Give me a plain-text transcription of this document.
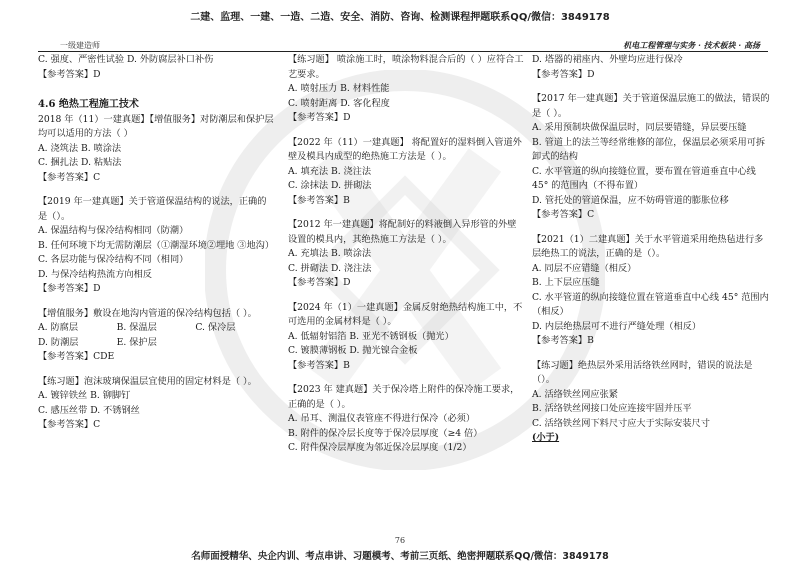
二建、监理、一建、一造、二造、安全、消防、咨询、检测课程押题联系QQ/微信：3849178
一级建造师	机电工程管理与实务 · 技术板块 · 高扬

C. 强度、严密性试验 D. 外防腐层补口补伤

【参考答案】D

4.6 绝热工程施工技术

2018 年（11）一建真题】【增值服务】对防潮层和保护层均可以适用的方法（ ）

A. 浇筑法 B. 喷涂法

C. 捆扎法 D. 粘贴法

【参考答案】C

【2019 年一建真题】关于管道保温结构的说法，正确的是（）。

A. 保温结构与保冷结构相同（防潮）

B. 任何环境下均无需防潮层（①潮湿环境②埋地 ③地沟）

C. 各层功能与保冷结构不同（相同）

D. 与保冷结构热流方向相反

【参考答案】D

【增值服务】敷设在地沟内管道的保冷结构包括（ ）。

A. 防腐层	B. 保温层	C. 保冷层
D. 防潮层	E. 保护层

【参考答案】CDE

【练习题】泡沫玻璃保温层宜使用的固定材料是（ ）。

A. 镀锌铁丝 B. 铆脚钉

C. 感压丝带 D. 不锈钢丝

【参考答案】C

【练习题】 喷涂施工时，喷涂物料混合后的（ ）应符合工艺要求。

A. 喷射压力 B. 材料性能

C. 喷射距离 D. 客化程度

【参考答案】D

【2022 年（11）一建真题】 将配置好的湿料倒入管道外壁及模具内成型的绝热施工方法是（ ）。

A. 填充法 B. 浇注法

C. 涂抹法 D. 拼砌法

【参考答案】B

【2012 年一建真题】将配制好的料液倒入异形管的外壁设置的模具内，其绝热施工方法是（ ）。

A. 充填法 B. 喷涂法

C. 拼砌法 D. 浇注法

【参考答案】D

【2024 年（1）一建真题】金属反射绝热结构施工中，不可选用的金属材料是（ ）。

A. 低辐射铝箔 B. 亚光不锈钢板（抛光）

C. 镀膜薄钢板 D. 抛光镍合金板

【参考答案】B

【2023 年 建真题】关于保冷塔上附件的保冷施工要求，正确的是（ ）。

A. 吊耳、测温仪表管座不得进行保冷（必须）

B. 附件的保冷层长度等于保冷层厚度（≥4 倍）

C. 附件保冷层厚度为邻近保冷层厚度（1/2）

D. 塔器的裙座内、外壁均应进行保冷

【参考答案】D

【2017 年一建真题】关于管道保温层施工的做法，错误的是（ ）。

A. 采用预制块做保温层时，同层要错缝，异层要压缝

B. 管道上的法兰等经常维修的部位，保温层必须采用可拆卸式的结构

C. 水平管道的纵向接缝位置，要布置在管道垂直中心线 45° 的范围内（不得布置）

D. 管托处的管道保温，应不妨碍管道的膨胀位移

【参考答案】C

【2021（1）二建真题】关于水平管道采用绝热毡进行多层绝热工的说法，正确的是（）。

A. 同层不应错缝（相反）

B. 上下层应压缝

C. 水平管道的纵向接缝位置在管道垂直中心线 45° 范围内（相反）

D. 内层绝热层可不进行严缝处理（相反）

【参考答案】B

【练习题】绝热层外采用活络铁丝网时，错误的说法是（）。

A. 活络铁丝网应张紧

B. 活络铁丝网接口处应连接牢固并压平

C. 活络铁丝网下料尺寸应大于实际安装尺寸

(小于)

76
名师面授精华、央企内训、考点串讲、习题模考、考前三页纸、绝密押题联系QQ/微信：3849178
